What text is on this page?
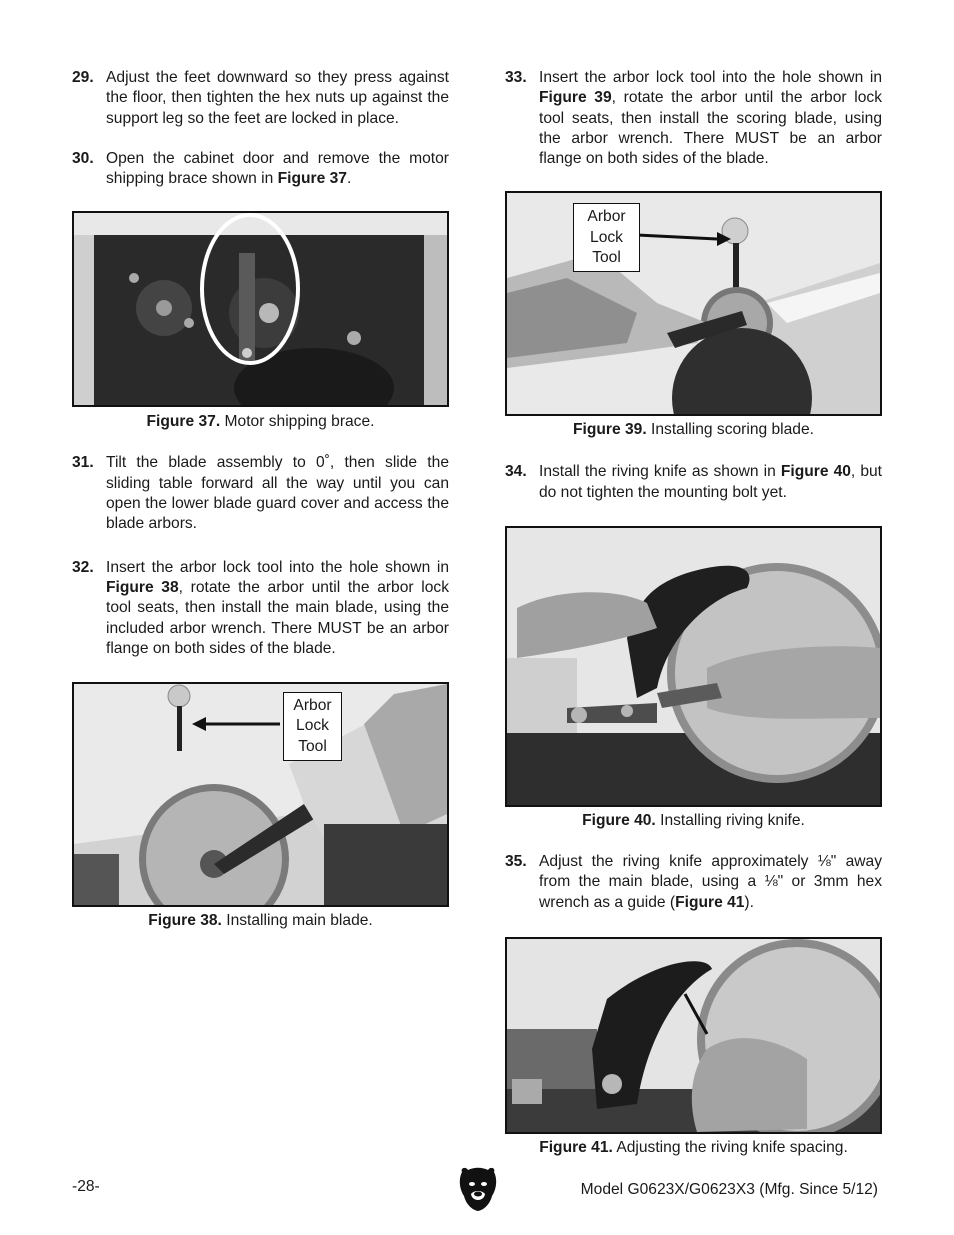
29. Adjust the feet downward so they press against the floor, then tighten the hex nuts up against the support leg so the feet are locked in place.
30. Open the cabinet door and remove the motor shipping brace shown in Figure 37.
Figure 37. Motor shipping brace.
31. Tilt the blade assembly to 0˚, then slide the sliding table forward all the way until you can open the lower blade guard cover and access the blade arbors.
32. Insert the arbor lock tool into the hole shown in Figure 38, rotate the arbor until the arbor lock tool seats, then install the main blade, using the included arbor wrench. There MUST be an arbor flange on both sides of the blade.
Arbor
Lock
Tool
Figure 38. Installing main blade.
33. Insert the arbor lock tool into the hole shown in Figure 39, rotate the arbor until the arbor lock tool seats, then install the scoring blade, using the arbor wrench. There MUST be an arbor flange on both sides of the blade.
Arbor
Lock
Tool
Figure 39. Installing scoring blade.
34. Install the riving knife as shown in Figure 40, but do not tighten the mounting bolt yet.
Figure 40. Installing riving knife.
35. Adjust the riving knife approximately ⅛" away from the main blade, using a ⅛" or 3mm hex wrench as a guide (Figure 41).
Figure 41. Adjusting the riving knife spacing.
-28-	Model G0623X/G0623X3 (Mfg. Since 5/12)
